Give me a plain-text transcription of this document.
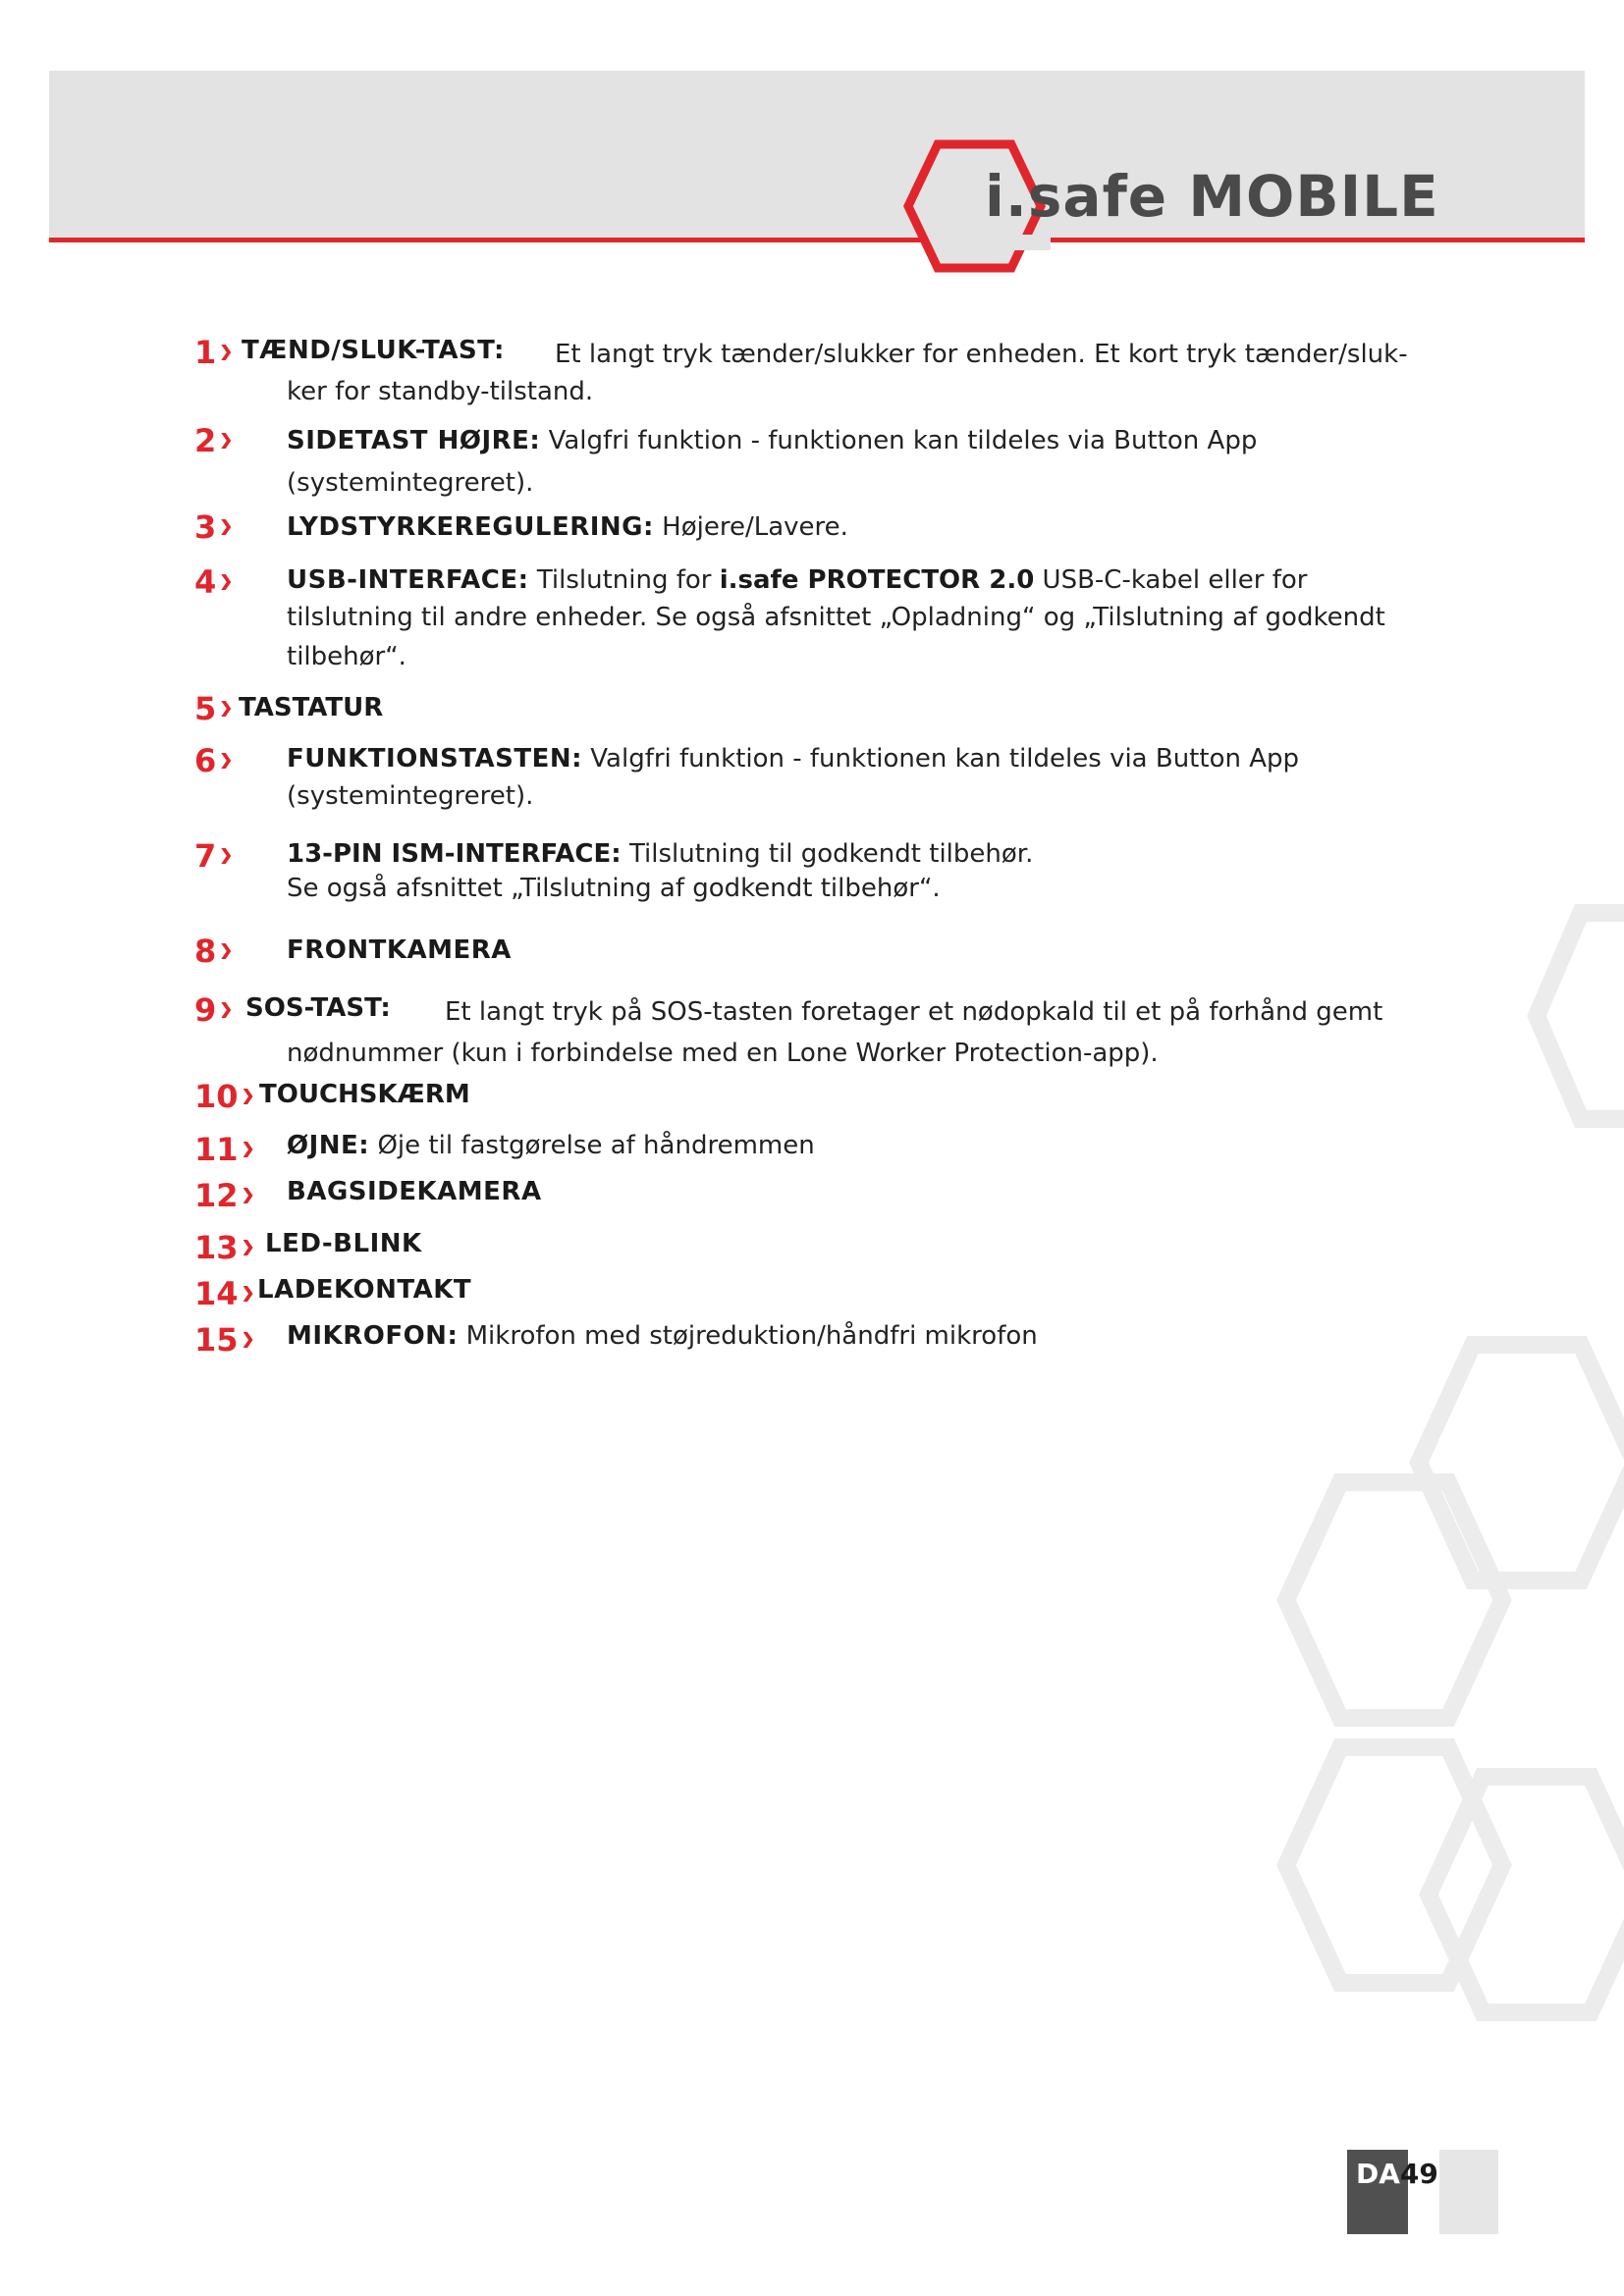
i.safe MOBILE
1 TÆND/SLUK-TAST: Et langt tryk tænder/slukker for enheden. Et kort tryk tænder/sluk-
ker for standby-tilstand.
2	SIDETAST HØJRE: Valgfri funktion - funktionen kan tildeles via Button App
(systemintegreret).
3	LYDSTYRKEREGULERING: Højere/Lavere.
4	USB-INTERFACE: Tilslutning for i.safe PROTECTOR 2.0 USB-C-kabel eller for
tilslutning til andre enheder. Se også afsnittet „Opladning“ og „Tilslutning af godkendt
tilbehør“.
5 TASTATUR
6	FUNKTIONSTASTEN: Valgfri funktion - funktionen kan tildeles via Button App
(systemintegreret).
7	13-PIN ISM-INTERFACE: Tilslutning til godkendt tilbehør.
Se også afsnittet „Tilslutning af godkendt tilbehør“.
8	FRONTKAMERA
9	SOS-TAST: Et langt tryk på SOS-tasten foretager et nødopkald til et på forhånd gemt
nødnummer (kun i forbindelse med en Lone Worker Protection-app).
10 TOUCHSKÆRM
11	ØJNE: Øje til fastgørelse af håndremmen
12	BAGSIDEKAMERA
13	LED-BLINK
14 LADEKONTAKT
15	MIKROFON: Mikrofon med støjreduktion/håndfri mikrofon
DA49
